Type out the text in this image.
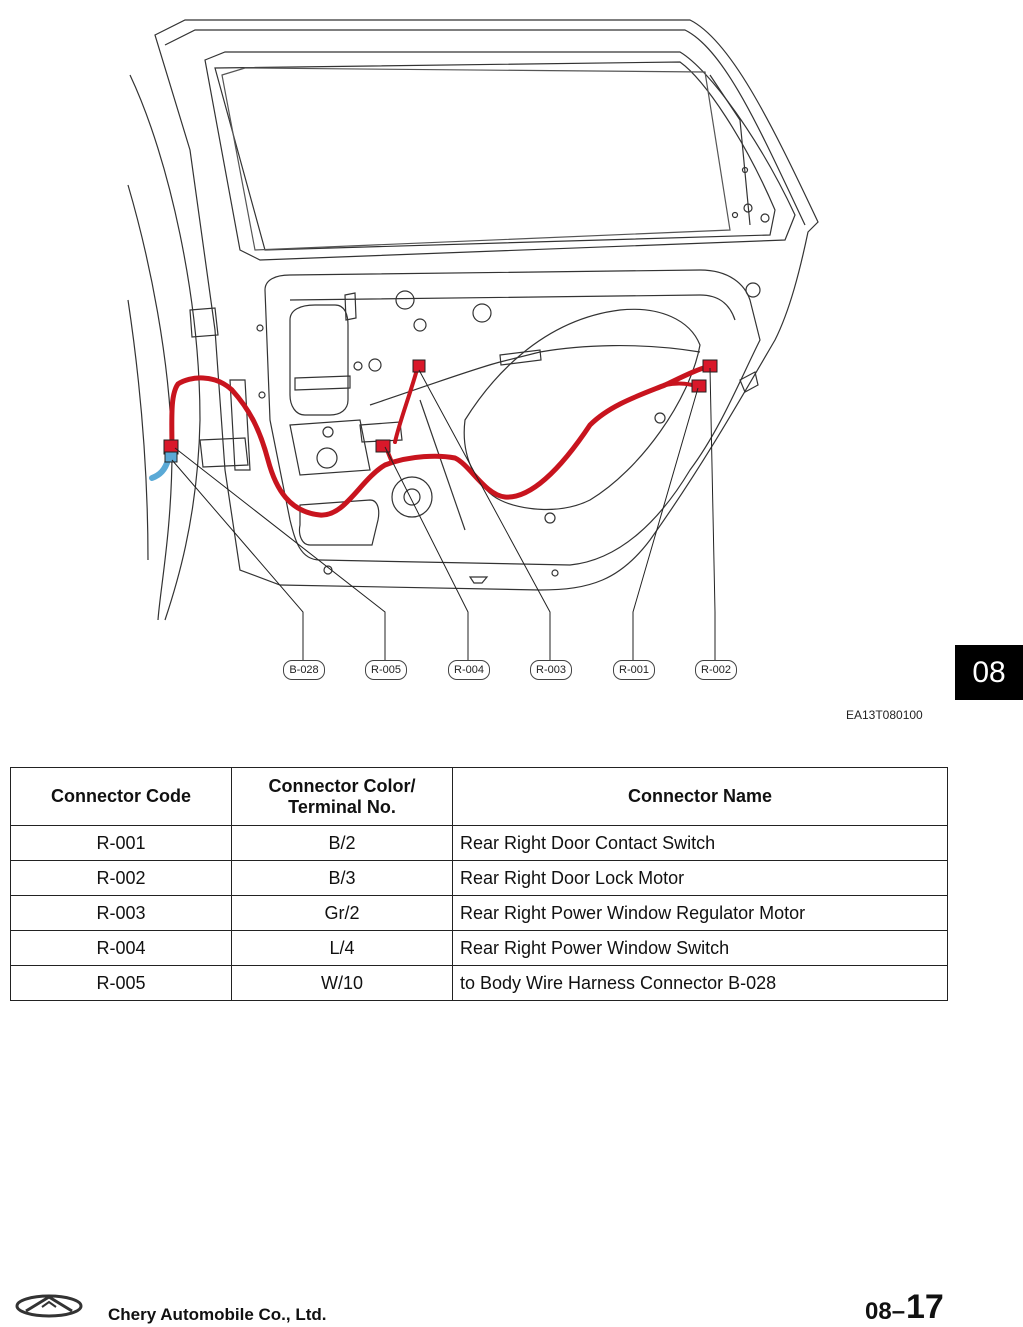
B-028	R-005	R-004	R-003	R-001	R-002
EA13T080100
08
Connector Code	Connector Color/ Terminal No.	Connector Name
R-001	B/2	Rear Right Door Contact Switch
R-002	B/3	Rear Right Door Lock Motor
R-003	Gr/2	Rear Right Power Window Regulator Motor
R-004	L/4	Rear Right Power Window Switch
R-005	W/10	to Body Wire Harness Connector B-028
Chery Automobile Co., Ltd.	08– 17
